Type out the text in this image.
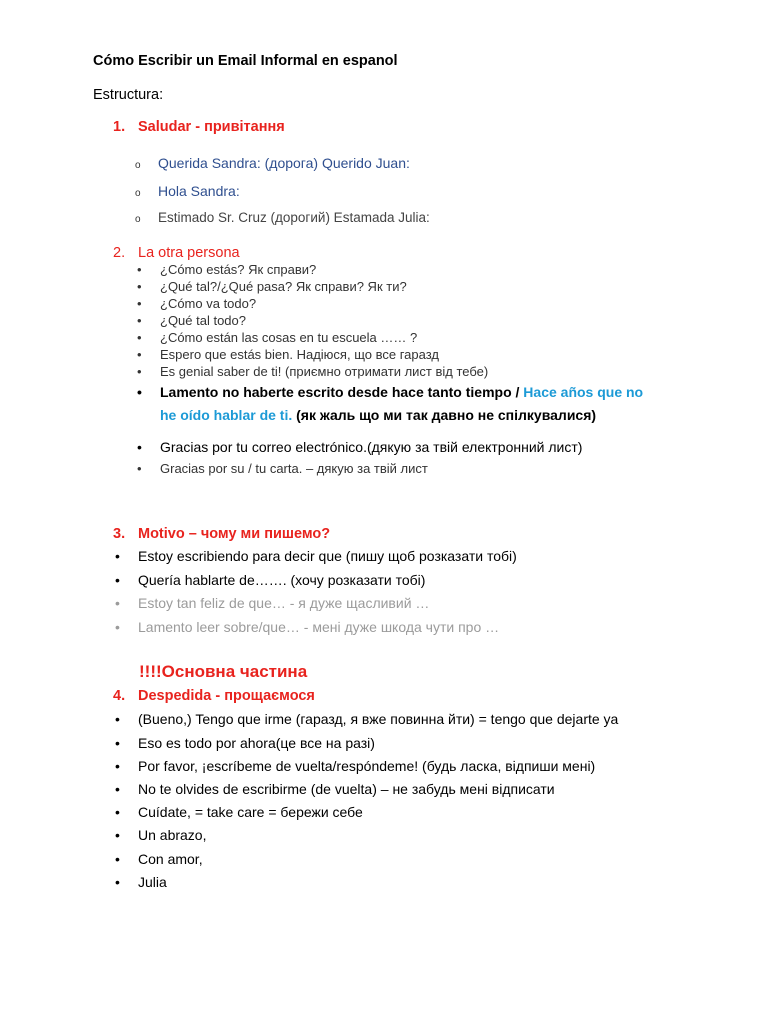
Cómo Escribir un Email Informal en espanol
Estructura:
1. Saludar - привітання
o Querida Sandra: (дорога) Querido Juan:
o Hola Sandra:
o Estimado Sr. Cruz (дорогий) Estamada Julia:
2. La otra persona
• ¿Cómo estás? Як справи?
• ¿Qué tal?/¿Qué pasa? Як справи? Як ти?
• ¿Cómo va todo?
• ¿Qué tal todo?
• ¿Cómo están las cosas en tu escuela …… ?
• Espero que estás bien. Надіюся, що все гаразд
• Es genial saber de ti! (приємно отримати лист від тебе)
• Lamento no haberte escrito desde hace tanto tiempo / Hace años que no
he oído hablar de ti. (як жаль що ми так давно не спілкувалися)
• Gracias por tu correo electrónico.(дякую за твій електронний лист)
• Gracias por su / tu carta. – дякую за твій лист
3. Motivo – чому ми пишемо?
• Estoy escribiendo para decir que (пишу щоб розказати тобі)
• Quería hablarte de……. (хочу розказати тобі)
• Estoy tan feliz de que… - я дуже щасливий …
• Lamento leer sobre/que… - мені дуже шкода чути про …
!!!!Основна частина
4. Despedida - прощаємося
• (Bueno,) Tengo que irme (гаразд, я вже повинна йти) = tengo que dejarte ya
• Eso es todo por ahora(це все на разі)
• Por favor, ¡escríbeme de vuelta/respóndeme! (будь ласка, відпиши мені)
• No te olvides de escribirme (de vuelta) – не забудь мені відписати
• Cuídate, = take care = бережи себе
• Un abrazo,
• Con amor,
• Julia
